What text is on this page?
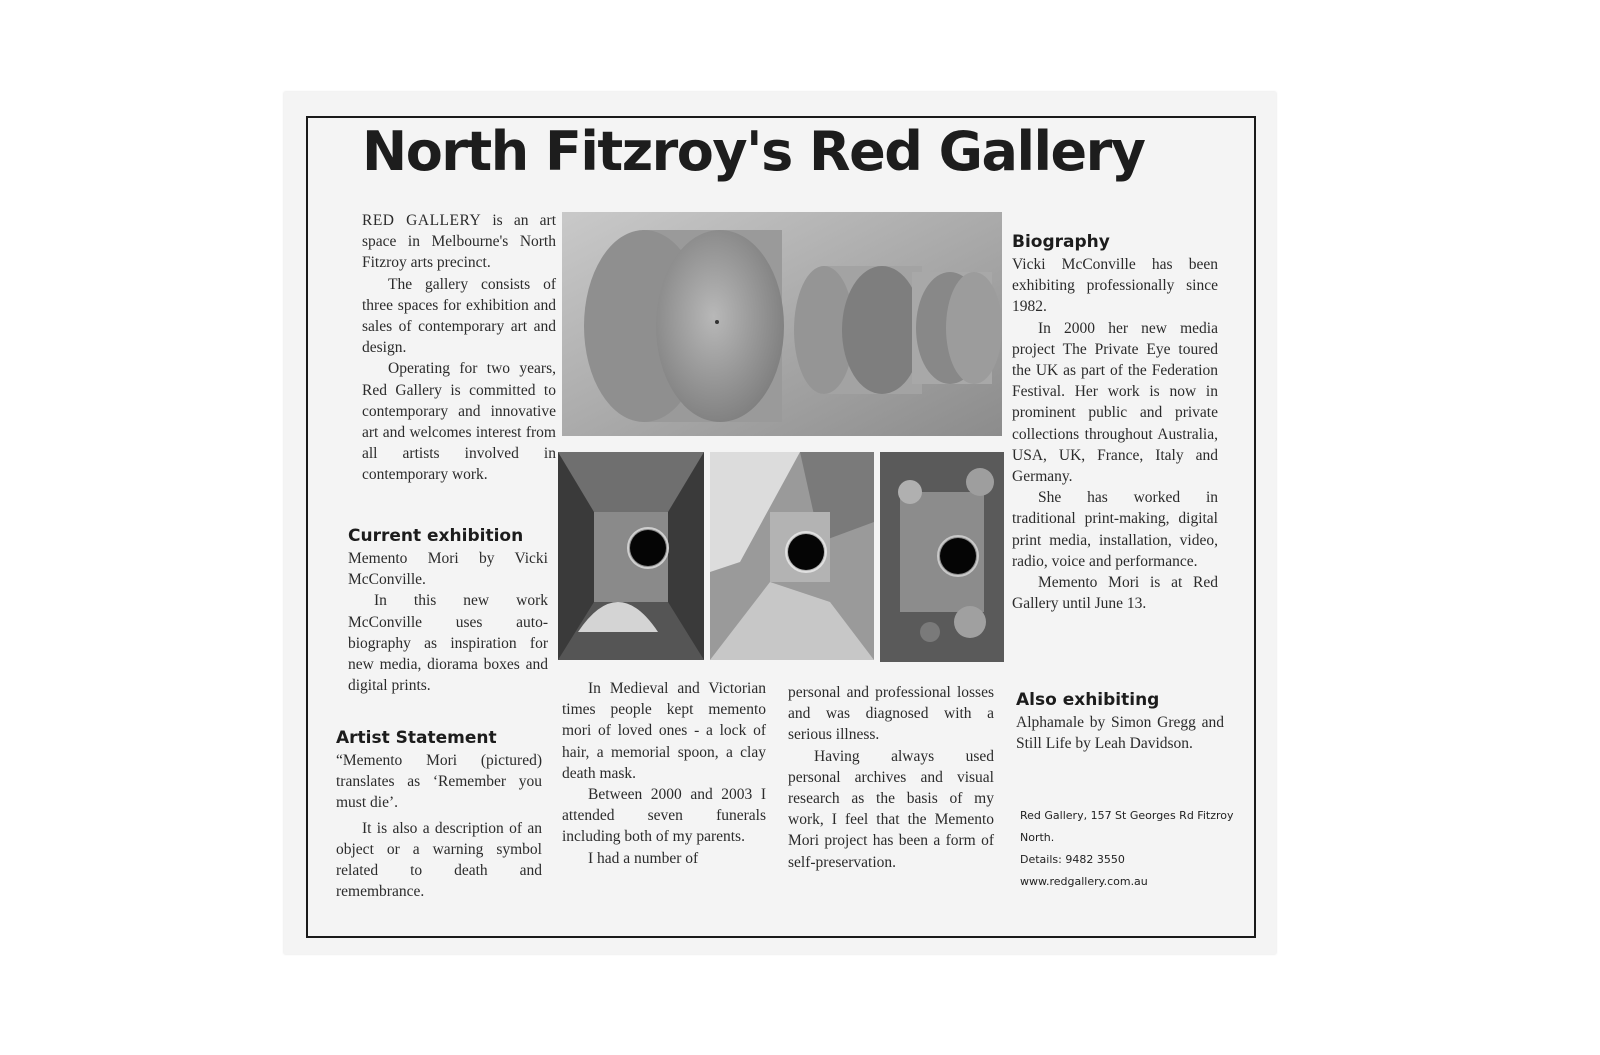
North Fitzroy's Red Gallery

RED GALLERY is an art space in Melbourne's North Fitzroy arts precinct.

The gallery consists of three spaces for exhibition and sales of contemporary art and design.

Operating for two years, Red Gallery is committed to contemporary and innovative art and welcomes interest from all artists involved in contemporary work.

Current exhibition

Memento Mori by Vicki McConville.

In this new work McConville uses auto-biography as inspiration for new media, diorama boxes and digital prints.

Artist Statement

“Memento Mori (pictured) translates as ‘Remember you must die’.

It is also a description of an object or a warning symbol related to death and remembrance.

In Medieval and Victorian times people kept memento mori of loved ones - a lock of hair, a memorial spoon, a clay death mask.

Between 2000 and 2003 I attended seven funerals including both of my parents.

I had a number of

personal and professional losses and was diagnosed with a serious illness.

Having always used personal archives and visual research as the basis of my work, I feel that the Memento Mori project has been a form of self-preservation.

Biography

Vicki McConville has been exhibiting professionally since 1982.

In 2000 her new media project The Private Eye toured the UK as part of the Federation Festival. Her work is now in prominent public and private collections throughout Australia, USA, UK, France, Italy and Germany.

She has worked in traditional print-making, digital print media, installation, video, radio, voice and performance.

Memento Mori is at Red Gallery until June 13.

Also exhibiting

Alphamale by Simon Gregg and Still Life by Leah Davidson.

Red Gallery, 157 St Georges Rd Fitzroy North.

Details: 9482 3550

www.redgallery.com.au
